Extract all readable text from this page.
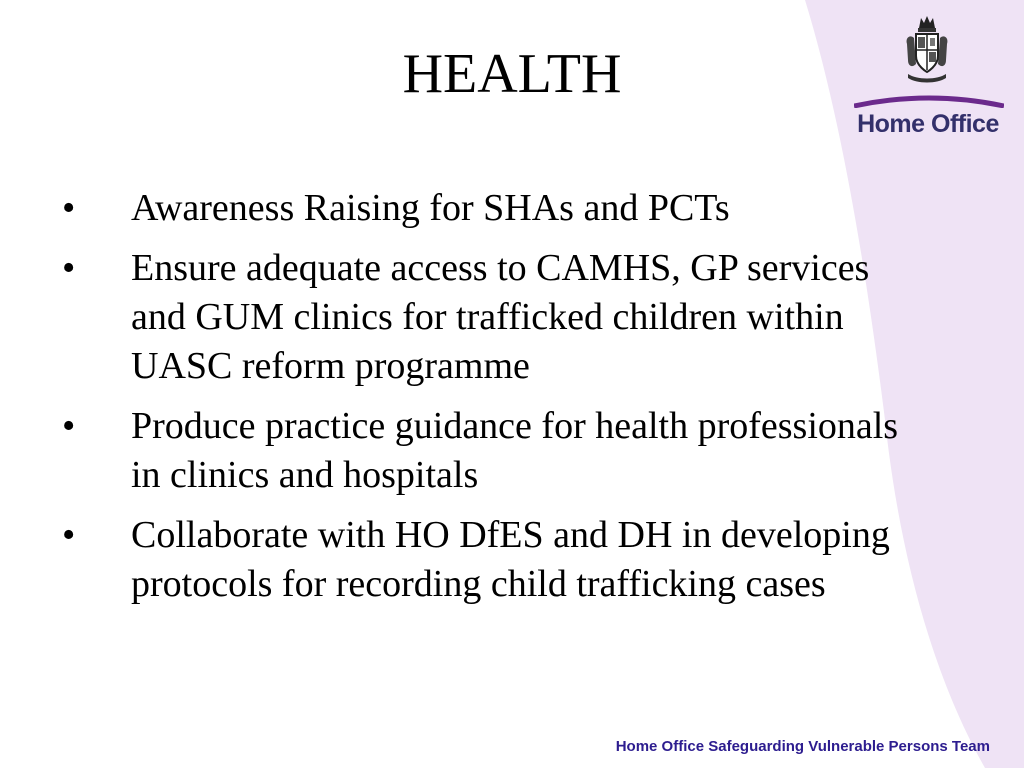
HEALTH
• Awareness Raising for SHAs and PCTs
• Ensure adequate access to CAMHS, GP services and GUM clinics for trafficked children within UASC reform programme
• Produce practice guidance for health professionals in clinics and hospitals
• Collaborate with HO DfES and DH in developing protocols for recording child trafficking cases
Home Office
Home Office Safeguarding Vulnerable Persons Team
